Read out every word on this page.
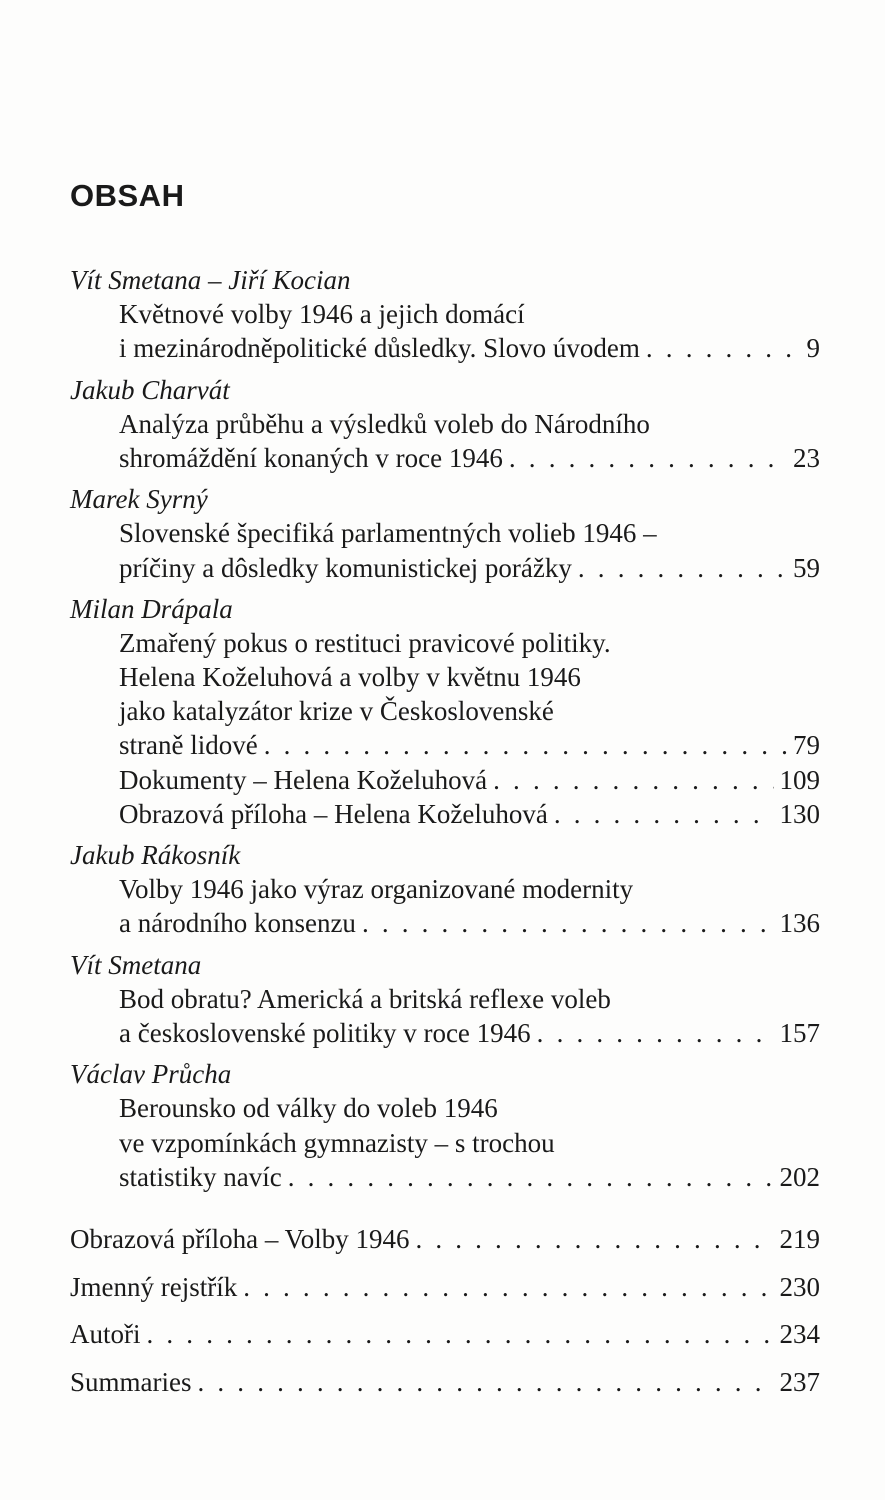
OBSAH
Vít Smetana – Jiří Kocian
Květnové volby 1946 a jejich domácí
i mezinárodněpolitické důsledky. Slovo úvodem . . .	9
Jakub Charvát
Analýza průběhu a výsledků voleb do Národního
shromáždění konaných v roce 1946 . . .	23
Marek Syrný
Slovenské špecifiká parlamentných volieb 1946 –
príčiny a dôsledky komunistickej porážky . . .	59
Milan Drápala
Zmařený pokus o restituci pravicové politiky.
Helena Koželuhová a volby v květnu 1946
jako katalyzátor krize v Československé
straně lidové . . .	79
Dokumenty – Helena Koželuhová . . .	109
Obrazová příloha – Helena Koželuhová . . .	130
Jakub Rákosník
Volby 1946 jako výraz organizované modernity
a národního konsenzu . . .	136
Vít Smetana
Bod obratu? Americká a britská reflexe voleb
a československé politiky v roce 1946 . . .	157
Václav Průcha
Berounsko od války do voleb 1946
ve vzpomínkách gymnazisty – s trochou
statistiky navíc . . .	202
Obrazová příloha – Volby 1946 . . .	219
Jmenný rejstřík . . .	230
Autoři . . .	234
Summaries . . .	237
